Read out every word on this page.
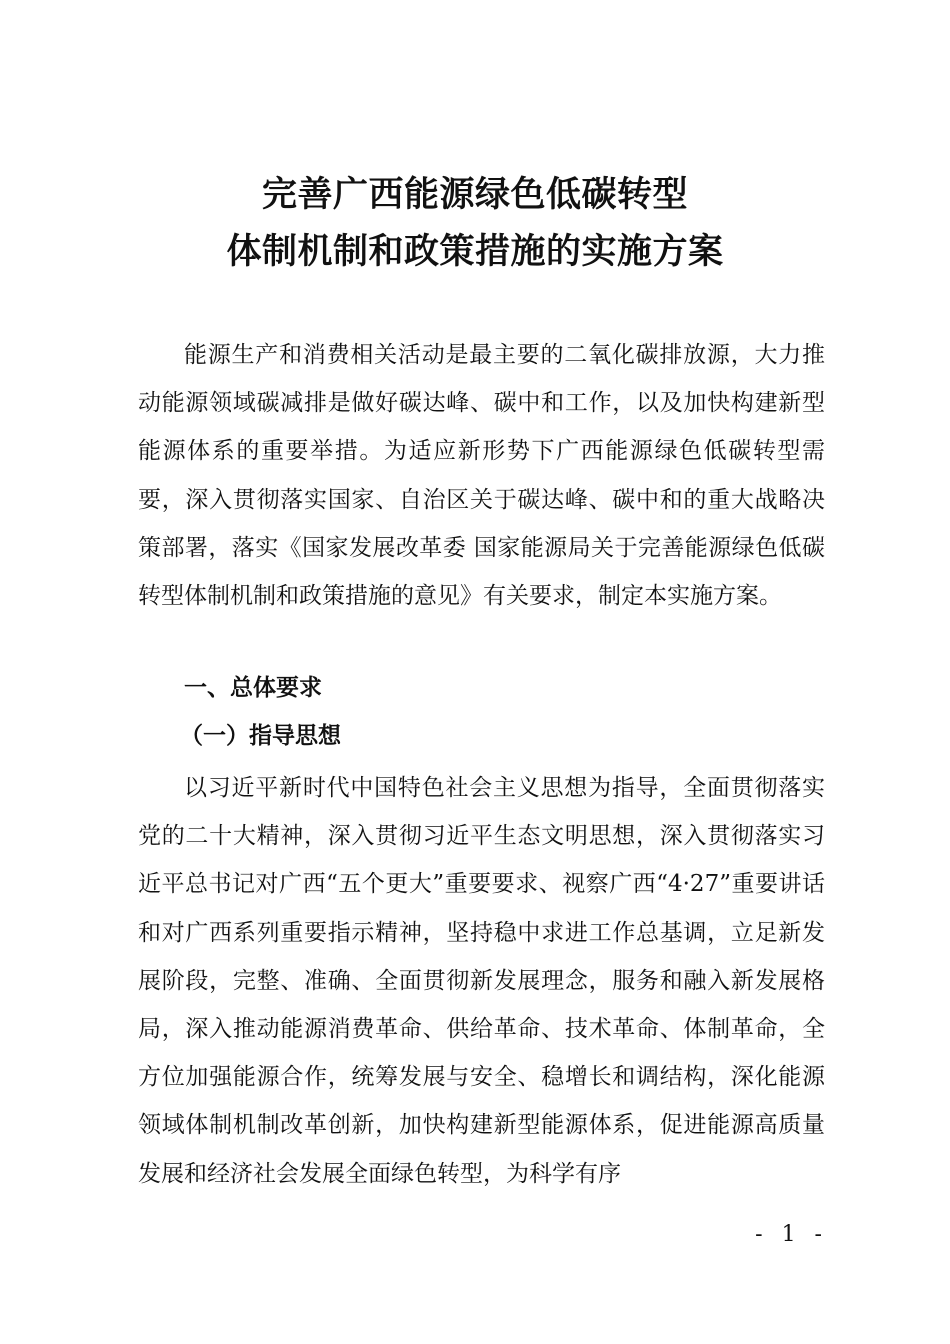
完善广西能源绿色低碳转型
体制机制和政策措施的实施方案

能源生产和消费相关活动是最主要的二氧化碳排放源，大力推动能源领域碳减排是做好碳达峰、碳中和工作，以及加快构建新型能源体系的重要举措。为适应新形势下广西能源绿色低碳转型需要，深入贯彻落实国家、自治区关于碳达峰、碳中和的重大战略决策部署，落实《国家发展改革委 国家能源局关于完善能源绿色低碳转型体制机制和政策措施的意见》有关要求，制定本实施方案。

一、总体要求
（一）指导思想

以习近平新时代中国特色社会主义思想为指导，全面贯彻落实党的二十大精神，深入贯彻习近平生态文明思想，深入贯彻落实习近平总书记对广西“五个更大”重要要求、视察广西“4·27”重要讲话和对广西系列重要指示精神，坚持稳中求进工作总基调，立足新发展阶段，完整、准确、全面贯彻新发展理念，服务和融入新发展格局，深入推动能源消费革命、供给革命、技术革命、体制革命，全方位加强能源合作，统筹发展与安全、稳增长和调结构，深化能源领域体制机制改革创新，加快构建新型能源体系，促进能源高质量发展和经济社会发展全面绿色转型，为科学有序

- 1 -
